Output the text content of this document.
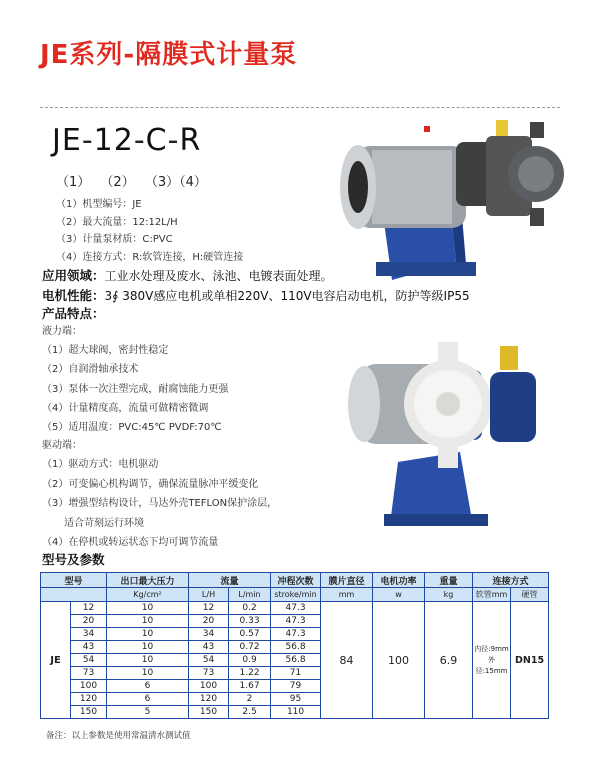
JE系列-隔膜式计量泵
JE-12-C-R
（1） （2） （3）（4）
（1）机型编号：JE
（2）最大流量：12:12L/H
（3）计量泵材质：C:PVC
（4）连接方式：R:软管连接，H:硬管连接
应用领域：工业水处理及废水、泳池、电镀表面处理。
电机性能：3∮ 380V感应电机或单相220V、110V电容启动电机，防护等级IP55
产品特点：
液力端：
（1）超大球阀，密封性稳定
（2）自润滑轴承技术
（3）泵体一次注塑完成，耐腐蚀能力更强
（4）计量精度高，流量可做精密微调
（5）适用温度：PVC:45℃ PVDF:70℃
驱动端：
（1）驱动方式：电机驱动
（2）可变偏心机构调节，确保流量脉冲平缓变化
（3）增强型结构设计，马达外壳TEFLON保护涂层，
适合苛刻运行环境
（4）在停机或转运状态下均可调节流量
型号及参数
型号		出口最大压力	流量		冲程次数	膜片直径	电机功率	重量	连接方式	
		Kg/cm²	L/H	L/min	stroke/min	mm	w	kg	软管mm	硬管
JE	12	10	12	0.2	47.3	84	100	6.9	内径:9mm
外径:15mm	DN15
	20	10	20	0.33	47.3					
	34	10	34	0.57	47.3					
	43	10	43	0.72	56.8					
	54	10	54	0.9	56.8					
	73	10	73	1.22	71					
	100	6	100	1.67	79					
	120	6	120	2	95					
	150	5	150	2.5	110					
备注：以上参数是使用常温清水测试值
